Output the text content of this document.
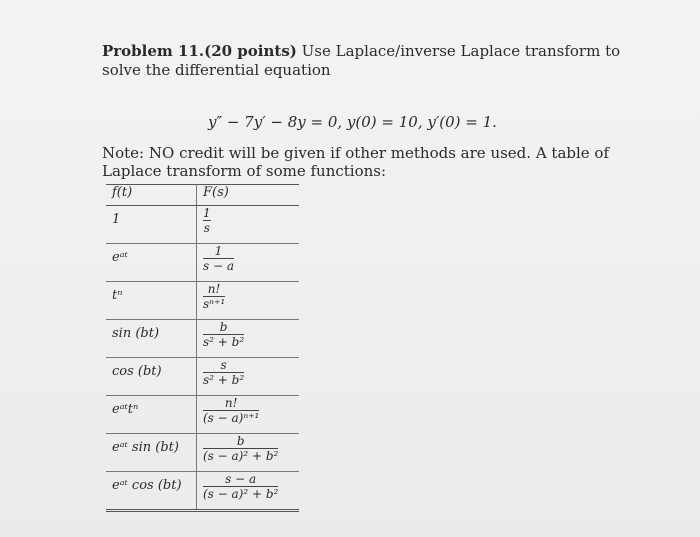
Problem 11.(20 points) Use Laplace/inverse Laplace transform to solve the differential equation
y″ − 7y′ − 8y = 0, y(0) = 10, y′(0) = 1.
Note: NO credit will be given if other methods are used. A table of Laplace transform of some functions:
f(t)	F(s)
1	$\frac{1}{s}$

eᵃᵗ	$\frac{1}{s - a}$

tⁿ	$\frac{n!}{\text{sⁿ⁺¹}}$

sin (bt)	$\frac{b}{\text{s² + b²}}$

cos (bt)	$\frac{s}{\text{s² + b²}}$

eᵃᵗtⁿ	$\frac{n!}{\text{(s − a)ⁿ⁺¹}}$

eᵃᵗ sin (bt)	$\frac{b}{\text{(s − a)² + b²}}$

eᵃᵗ cos (bt)	$\frac{s - a}{\text{(s − a)² + b²}}$
